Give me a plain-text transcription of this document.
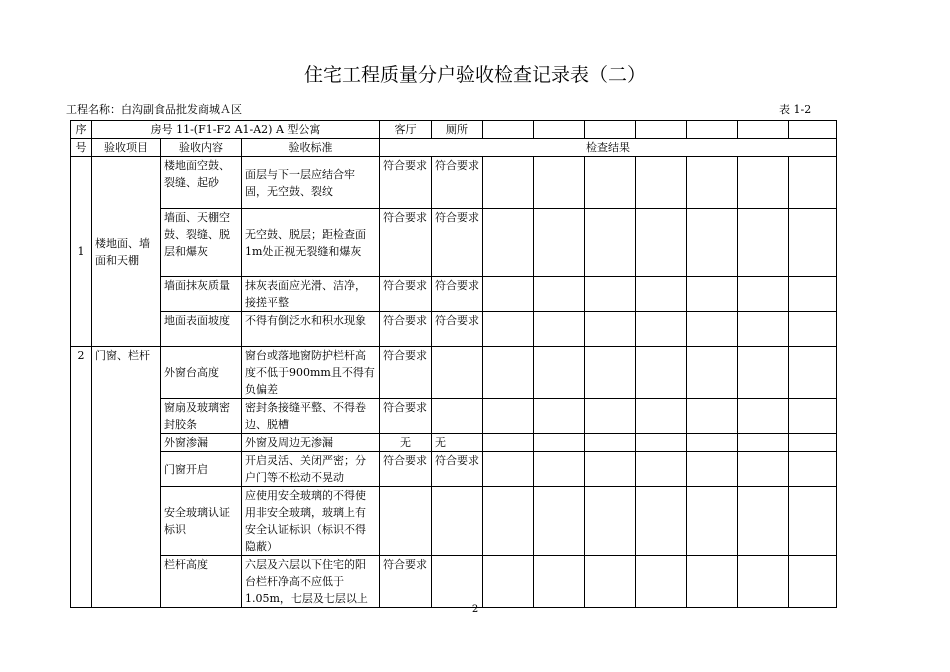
住宅工程质量分户验收检查记录表（二）
工程名称：白沟副食品批发商城Ａ区	表 1-2
序	房号 11-(F1-F2 A1-A2) A 型公寓			客厅	厕所							
号	验收项目	验收内容	验收标准	检查结果								
1	楼地面、墙面和天棚	楼地面空鼓、裂缝、起砂	面层与下一层应结合牢固，无空鼓、裂纹	符合要求	符合要求							
		墙面、天棚空鼓、裂缝、脱层和爆灰	无空鼓、脱层；距检查面1m处正视无裂缝和爆灰	符合要求	符合要求							
		墙面抹灰质量	抹灰表面应光滑、洁净，接搓平整	符合要求	符合要求							
		地面表面坡度	不得有倒泛水和积水现象	符合要求	符合要求							
2	门窗、栏杆	外窗台高度	窗台或落地窗防护栏杆高度不低于900mm且不得有负偏差	符合要求								
		窗扇及玻璃密封胶条	密封条接缝平整、不得卷边、脱槽	符合要求								
		外窗渗漏	外窗及周边无渗漏	无	无							
		门窗开启	开启灵活、关闭严密；分户门等不松动不晃动	符合要求	符合要求							
		安全玻璃认证标识	应使用安全玻璃的不得使用非安全玻璃，玻璃上有安全认证标识（标识不得隐蔽）									
		栏杆高度	六层及六层以下住宅的阳台栏杆净高不应低于1.05m，七层及七层以上	符合要求								
2
